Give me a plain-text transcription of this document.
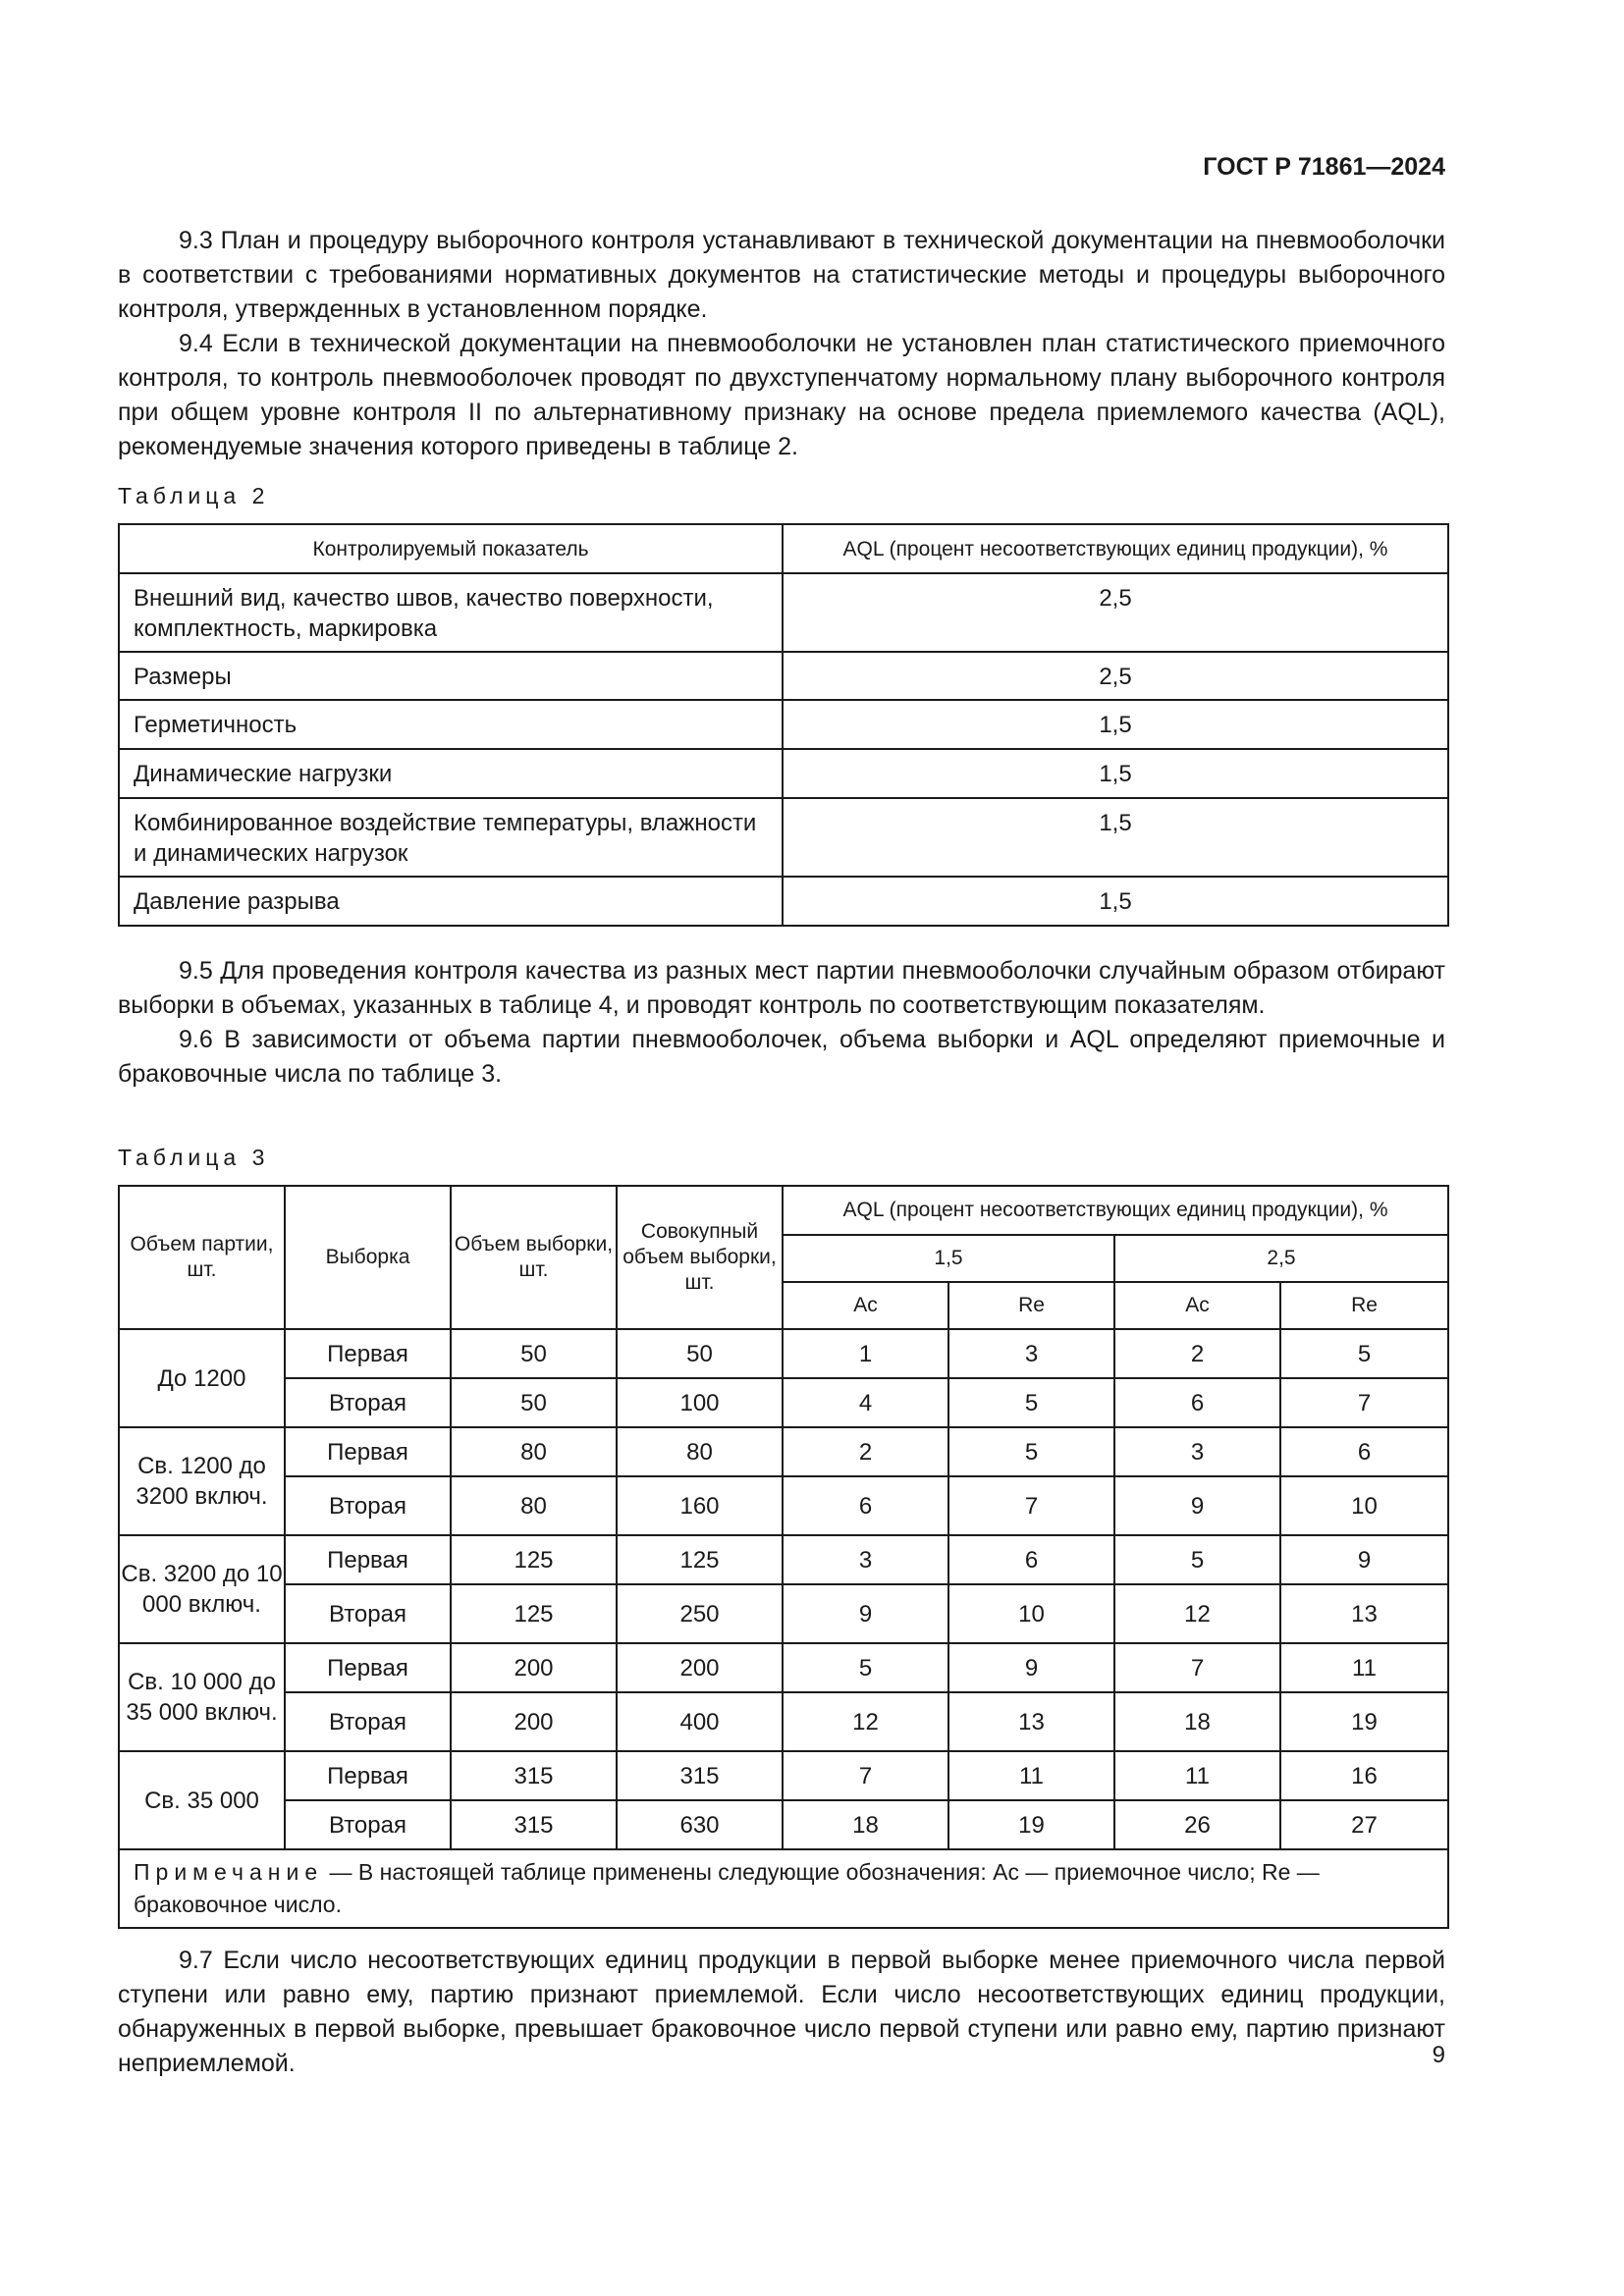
ГОСТ Р 71861—2024

9.3 План и процедуру выборочного контроля устанавливают в технической документации на пневмооболочки в соответствии с требованиями нормативных документов на статистические методы и процедуры выборочного контроля, утвержденных в установленном порядке.

9.4 Если в технической документации на пневмооболочки не установлен план статистического приемочного контроля, то контроль пневмооболочек проводят по двухступенчатому нормальному плану выборочного контроля при общем уровне контроля II по альтернативному признаку на основе предела приемлемого качества (AQL), рекомендуемые значения которого приведены в таблице 2.

Таблица 2
Контролируемый показатель	AQL (процент несоответствующих единиц продукции), %
Внешний вид, качество швов, качество поверхности, комплектность, маркировка	2,5
Размеры	2,5
Герметичность	1,5
Динамические нагрузки	1,5
Комбинированное воздействие температуры, влажности и динамических нагрузок	1,5
Давление разрыва	1,5

9.5 Для проведения контроля качества из разных мест партии пневмооболочки случайным образом отбирают выборки в объемах, указанных в таблице 4, и проводят контроль по соответствующим показателям.

9.6 В зависимости от объема партии пневмооболочек, объема выборки и AQL определяют приемочные и браковочные числа по таблице 3.

Таблица 3
Объем партии, шт.	Выборка	Объем выборки, шт.	Совокупный объем выборки, шт.	AQL (процент несоответствующих единиц продукции), %			
				1,5		2,5	
				Ac	Re	Ac	Re
До 1200	Первая	50	50	1	3	2	5
	Вторая	50	100	4	5	6	7
Св. 1200 до 3200 включ.	Первая	80	80	2	5	3	6
	Вторая	80	160	6	7	9	10
Св. 3200 до 10 000 включ.	Первая	125	125	3	6	5	9
	Вторая	125	250	9	10	12	13
Св. 10 000 до 35 000 включ.	Первая	200	200	5	9	7	11
	Вторая	200	400	12	13	18	19
Св. 35 000	Первая	315	315	7	11	11	16
	Вторая	315	630	18	19	26	27
Примечание — В настоящей таблице применены следующие обозначения: Ac — приемочное число; Re — браковочное число.							

9.7 Если число несоответствующих единиц продукции в первой выборке менее приемочного числа первой ступени или равно ему, партию признают приемлемой. Если число несоответствующих единиц продукции, обнаруженных в первой выборке, превышает браковочное число первой ступени или равно ему, партию признают неприемлемой.	9
